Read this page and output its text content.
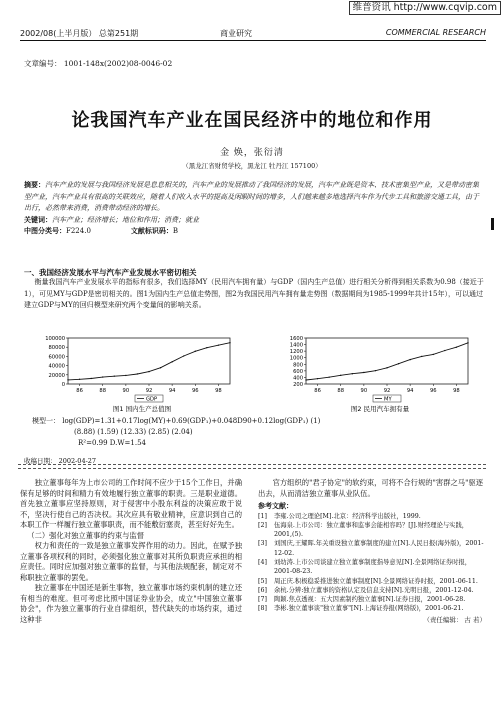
维普资讯 http://www.cqvip.com
2002/08(上半月版） 总第251期	商业研究	COMMERCIAL RESEARCH
文章编号： 1001-148x(2002)08-0046-02
论我国汽车产业在国民经济中的地位和作用
金 焕，张衍清
（黑龙江省财贸学校，黑龙江 牡丹江 157100）
摘要：汽车产业的发展与我国经济发展是息息相关的，汽车产业的发展推动了我国经济的发展，汽车产业既是资本、技术密集型产业，又是带动密集型产业，汽车产业具有很高的关联效应，随着人们收入水平的提高及闲暇时间的增多，人们越来越多地选择汽车作为代步工具和旅游交通工具，由于出行，必然带来消费，消费带动经济的增长。
关键词：汽车产业；经济增长；地位和作用；消费；就业
中图分类号：F224.0	文献标识码：B
一、我国经济发展水平与汽车产业发展水平密切相关
衡量我国汽车产业发展水平的指标有很多，我们选择MY（民用汽车拥有量）与GDP（国内生产总值）进行相关分析得到相关系数为0.98（接近于1），可见MY与GDP是密切相关的。图1为国内生产总值走势图，图2为我国民用汽车拥有量走势图（数据期间为1985-1999年共计15年），可以通过建立GDP与MY的回归模型来研究两个变量间的影响关系。
0
20000
40000
60000
80000
100000
86	88	90	92	94	96	98
GDP
图1 国内生产总值图
200
400
600
800
1000
1200
1400
1600
86	88	90	92	94	96	98
MY
图2 民用汽车拥有量
模型一： log(GDP)=1.31+0.17log(MY)+0.69(GDP₁)+0.048D90+0.12log(GDP₁) (1)
(8.88) (1.59) (12.33) (2.85) (2.04)
R²=0.99 D.W=1.54
收稿日期： 2002-04-27

独立董事每年为上市公司的工作时间不应少于15个工作日，并确保有足够的时间和精力有效地履行独立董事的职责。三是职业道德。首先独立董事应坚持原则，对于侵害中小股东利益的决策应敢于说不，坚决行使自己的否决权。其次应具有敬业精神，应意识到自己的本职工作一样履行独立董事职责，而不能敷衍塞责，甚至好好先生。

（二）强化对独立董事的约束与监督

权力和责任的一致是独立董事发挥作用的动力。因此，在赋予独立董事各项权利的同时，必须强化独立董事对其所负职责应承担的相应责任。同时应加强对独立董事的监督，与其他法规配套，制定对不称职独立董事的罢免。

独立董事在中国还是新生事物，独立董事市场约束机制的建立还有相当的难度。但可考虑比照中国证券业协会，成立"中国独立董事协会"，作为独立董事的行业自律组织，替代缺失的市场约束，通过这种非

官方组织的"君子协定"的软约束，可将不合行规的"害群之马"驱逐出去，从而清洁独立董事从业队伍。

参考文献：
[1]	李雍.公司之理论[M].北京：经济科学出版社，1999.
[2]	伍海泉.上市公司：独立董事和监事会能相容吗？[J].财经理论与实践，2001,(5).
[3]	刘国庆,王耀晖.年关重设独立董事制度的建立[N].人民日报(海外版)，2001-12-02.
[4]	刘幼涛.上市公司谈建立独立董事制度指导意见[N].全景网络证券时报，2001-08-23.
[5]	周正庆.积极稳妥推进独立董事制度[N].全景网络证券时报，2001-06-11.
[6]	余杭.分辨:独立董事的资格认定及信息支持[N].光明日报，2001-12-04.
[7]	陶颖.焦点透视：五大因素制约独立董事[N].证券日报，2001-06-28.
[8]	李彬.独立董事谈"独立董事"[N].上海证券报(网络版)，2001-06-21.
（责任编辑： 古 若）
